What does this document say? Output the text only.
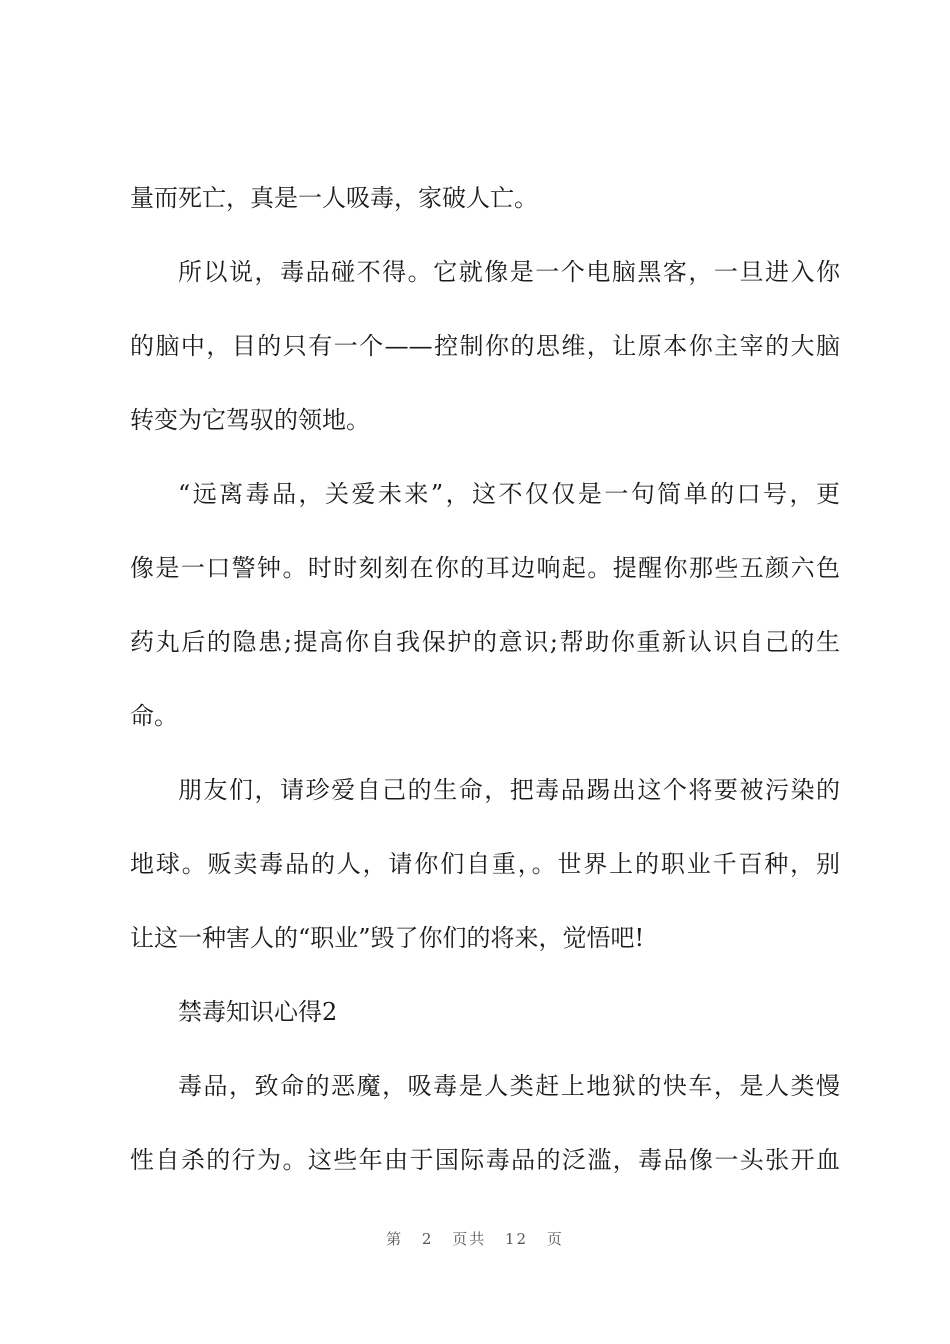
量而死亡，真是一人吸毒，家破人亡。
所以说，毒品碰不得。它就像是一个电脑黑客，一旦进入你
的脑中，目的只有一个——控制你的思维，让原本你主宰的大脑
转变为它驾驭的领地。
“远离毒品，关爱未来”，这不仅仅是一句简单的口号，更
像是一口警钟。时时刻刻在你的耳边响起。提醒你那些五颜六色
药丸后的隐患;提高你自我保护的意识;帮助你重新认识自己的生
命。
朋友们，请珍爱自己的生命，把毒品踢出这个将要被污染的
地球。贩卖毒品的人，请你们自重，。世界上的职业千百种，别
让这一种害人的“职业”毁了你们的将来，觉悟吧!
禁毒知识心得2
毒品，致命的恶魔，吸毒是人类赶上地狱的快车，是人类慢
性自杀的行为。这些年由于国际毒品的泛滥，毒品像一头张开血
第 2 页共 12 页
